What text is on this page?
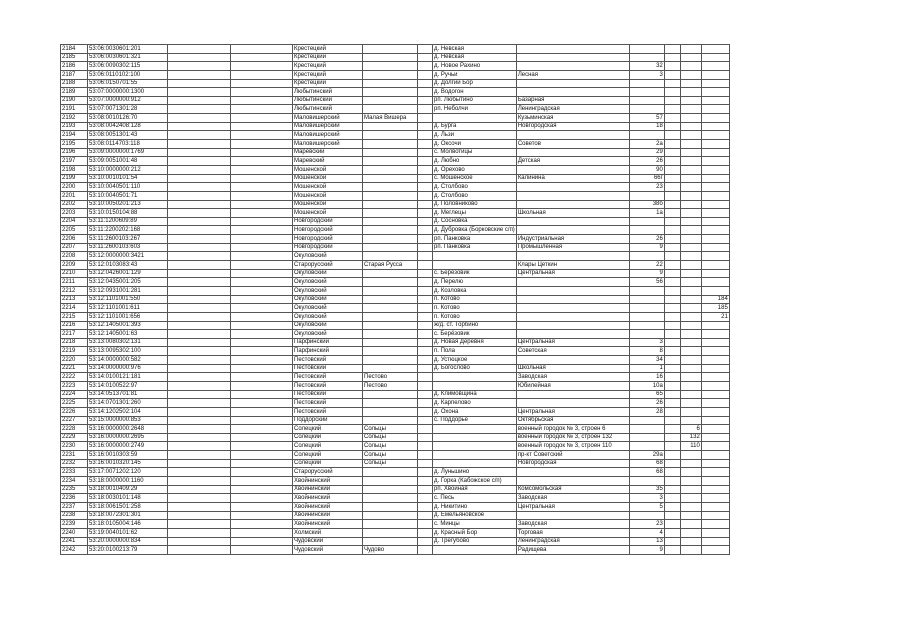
2184	53:06:0030601:201			Крестецкий			д. Невская					
2185	53:06:0030601:321			Крестецкий			д. Невская					
2186	53:06:0090302:115			Крестецкий			д. Новое Рахино		32			
2187	53:06:0110102:100			Крестецкий			д. Ручьи	Лесная	3			
2188	53:06:0150701:55			Крестецкий			д. Долгий Бор					
2189	53:07:0000000:1300			Любытинский			д. Водогон					
2190	53:07:0000000:912			Любытинский			рп. Любытино	Базарная				
2191	53:07:0071301:28			Любытинский			рп. Неболчи	Ленинградская				
2192	53:08:0010126:70			Маловишерский	Малая Вишера			Кузьминская	57			
2193	53:08:0042408:128			Маловишерский			д. Бурга	Новгородская	18			
2194	53:08:0051301:43			Маловишерский			д. Льзи					
2195	53:08:0114703:118			Маловишерский			д. Оксочи	Советов	2а			
2196	53:09:0000000:1769			Маревский			с. Молвотицы		29			
2197	53:09:0051001:48			Маревский			д. Любно	Детская	26			
2198	53:10:0000000:212			Мошенской			д. Орехово		90			
2199	53:10:0010101:54			Мошенской			с. Мошенское	Калинина	66г			
2200	53:10:0040501:110			Мошенской			д. Столбово		23			
2201	53:10:0040501:71			Мошенской			д. Столбово					
2202	53:10:0050201:213			Мошенской			д. Половниково		38б			
2203	53:10:0150104:88			Мошенской			д. Меглецы	Школьная	1а			
2204	53:11:1200609:89			Новгородский			д. Сосновка					
2205	53:11:2200202:168			Новгородский			д. Дубровка (Борковские с/п)					
2206	53:11:2600103:267			Новгородский			рп. Панковка	Индустриальная	26			
2207	53:11:2600103:603			Новгородский			рп. Панковка	Промышленная	9			
2208	53:12:0000000:3421			Окуловский								
2209	53:12:0103083:43			Старорусский	Старая Русса			Клары Цеткин	22			
2210	53:12:0426001:129			Окуловский			с. Берёзовик	Центральная	9			
2211	53:12:0435001:205			Окуловский			д. Перелю		56			
2212	53:12:0931001:281			Окуловский			д. Козловка					
2213	53:12:1101001:550			Окуловский			п. Котово					184
2214	53:12:1101001:611			Окуловский			п. Котово					185
2215	53:12:1101001:656			Окуловский			п. Котово					21
2216	53:12:1405001:393			Окуловский			ж/д. ст. Торбино					
2217	53:12:1405001:63			Окуловский			с. Берёзовик					
2218	53:13:0080302:131			Парфинский			д. Новая Деревня	Центральная	3			
2219	53:13:0095302:100			Парфинский			п. Пола	Советская	8			
2220	53:14:0000000:582			Пестовский			д. Устюцкое		34			
2221	53:14:0000000:976			Пестовский			д. Богослово	Школьная	1			
2222	53:14:0100121:181			Пестовский	Пестово			Заводская	16			
2223	53:14:0100522:97			Пестовский	Пестово			Юбилейная	10а			
2224	53:14:0513701:81			Пестовский			д. Климовщина		65			
2225	53:14:0701301:260			Пестовский			д. Карпелово		26			
2226	53:14:1202502:104			Пестовский			д. Охона	Центральная	28			
2227	53:15:0000000:853			Поддорский			с. Поддорье	Октябрьская				
2228	53:16:0000000:2648			Солецкий	Сольцы			военный городок № 3, строен 6			6	
2229	53:16:0000000:2695			Солецкий	Сольцы			военный городок № 3, строен 132			132	
2230	53:16:0000000:2749			Солецкий	Сольцы			военный городок № 3, строен 110			110	
2231	53:16:0010303:59			Солецкий	Сольцы			пр-кт Советский	29а			
2232	53:16:0010320:145			Солецкий	Сольцы			Новгородская	68			
2233	53:17:0071202:120			Старорусский			д. Луньшино		68			
2234	53:18:0000000:1160			Хвойнинский			д. Горка (Кабожское с/п)					
2235	53:18:0010409:29			Хвойнинский			рп. Хвойная	Комсомольская	35			
2236	53:18:0030101:148			Хвойнинский			с. Песь	Заводская	3			
2237	53:18:0061501:258			Хвойнинский			д. Никитино	Центральная	5			
2238	53:18:0072301:301			Хвойнинский			д. Емельяновское					
2239	53:18:0105004:146			Хвойнинский			с. Минцы	Заводская	23			
2240	53:19:0040101:62			Холмский			д. Красный Бор	Торговая	4			
2241	53:20:0000000:834			Чудовский			д. Трегубово	Ленинградская	13			
2242	53:20:0100213:79			Чудовский	Чудово			Радищева	9			
